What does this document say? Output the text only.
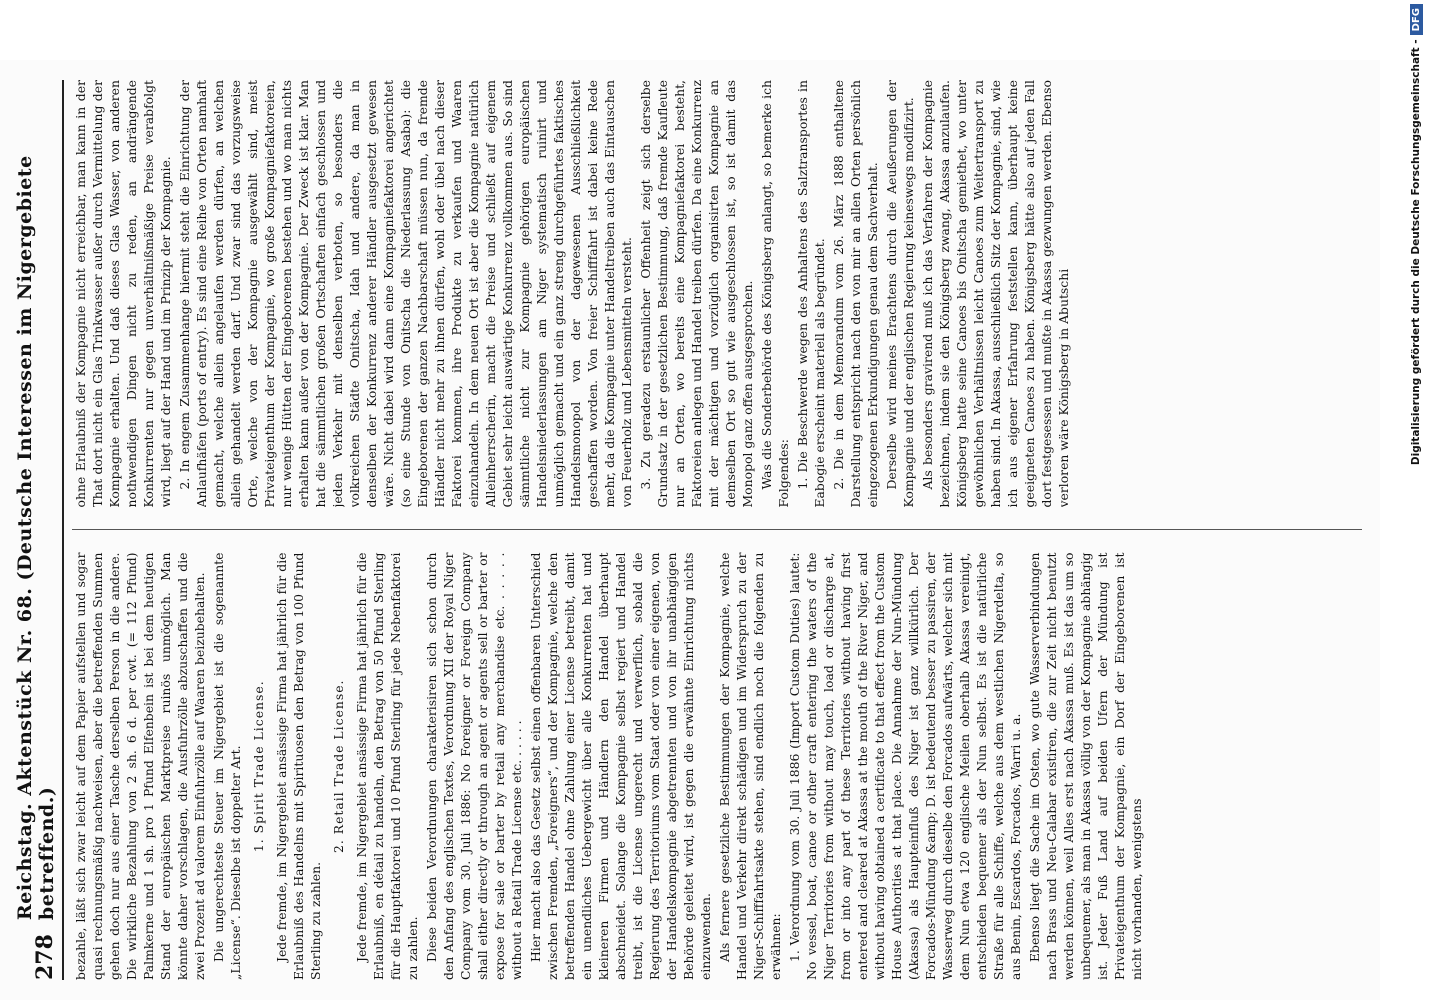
278
Reichstag. Aktenstück Nr. 68. (Deutsche Interessen im Nigergebiete betreffend.) bezahle, läßt sich zwar leicht auf dem Papier aufstellen und sogar quasi rechnungsmäßig nachweisen, aber die betreffenden Summen gehen doch nur aus einer Tasche derselben Person in die andere. Die wirkliche Bezahlung von 2 sh. 6 d. per cwt. (= 112 Pfund) Palmkerne und 1 sh. pro 1 Pfund Elfenbein ist bei dem heutigen Stand der europäischen Marktpreise ruinös unmöglich. Man könnte daher vorschlagen, die Ausfuhrzölle abzuschaffen und die zwei Prozent ad valorem Einfuhrzölle auf Waaren beizubehalten. Die ungerechteste Steuer im Nigergebiet ist die sogenannte „License“. Dieselbe ist doppelter Art. 1. Spirit Trade License. Jede fremde, im Nigergebiet ansässige Firma hat jährlich für die Erlaubniß des Handelns mit Spirituosen den Betrag von 100 Pfund Sterling zu zahlen.

2. Retail Trade License. Jede fremde, im Nigergebiet ansässige Firma hat jährlich für die Erlaubniß, en détail zu handeln, den Betrag von 50 Pfund Sterling für die Hauptfaktorei und 10 Pfund Sterling für jede Nebenfaktorei zu zahlen. Diese beiden Verordnungen charakterisiren sich schon durch den Anfang des englischen Textes, Verordnung XII der Royal Niger Company vom 30. Juli 1886: No Foreigner or Foreign Company shall either directly or through an agent or agents sell or barter or expose for sale or barter by retail any merchandise etc. . . . . . without a Retail Trade License etc. . . . . . Hier macht also das Gesetz selbst einen offenbaren Unterschied zwischen Fremden, „Foreigners“, und der Kompagnie, welche den betreffenden Handel ohne Zahlung einer License betreibt, damit ein unendliches Uebergewicht über alle Konkurrenten hat und kleineren Firmen und Händlern den Handel überhaupt abschneidet. Solange die Kompagnie selbst regiert und Handel treibt, ist die License ungerecht und verwerflich, sobald die Regierung des Territoriums vom Staat oder von einer eigenen, von der Handelskompagnie abgetrennten und von ihr unabhängigen Behörde geleitet wird, ist gegen die erwähnte Einrichtung nichts einzuwenden. Als fernere gesetzliche Bestimmungen der Kompagnie, welche Handel und Verkehr direkt schädigen und im Widerspruch zu der Niger-Schifffahrtsakte stehen, sind endlich noch die folgenden zu erwähnen: 1. Verordnung vom 30. Juli 1886 (Import Custom Duties) lautet: No vessel, boat, canoe or other craft entering the waters of the Niger Territories from without may touch, load or discharge at, from or into any part of these Territories without having first entered and cleared at Akassa at the mouth of the River Niger, and without having obtained a certificate to that effect from the Custom House Authorities at that place. Die Annahme der Nun-Mündung (Akassa) als Haupteinfluß des Niger ist ganz willkürlich. Der Forcados-Mündung &amp; D. ist bedeutend besser zu passiren, der Wasserweg durch dieselbe den Forcados aufwärts, welcher sich mit dem Nun etwa 120 englische Meilen oberhalb Akassa vereinigt, entschieden bequemer als der Nun selbst. Es ist die natürliche Straße für alle Schiffe, welche aus dem westlichen Nigerdelta, so aus Benin, Escardos, Forcados, Warri u. a. Ebenso liegt die Sache im Osten, wo gute Wasserverbindungen nach Brass und Neu-Calabar existiren, die zur Zeit nicht benutzt werden können, weil Alles erst nach Akassa muß. Es ist das um so unbequemer, als man in Akassa völlig von der Kompagnie abhängig ist. Jeder Fuß Land auf beiden Ufern der Mündung ist Privateigenthum der Kompagnie, ein Dorf der Eingeborenen ist nicht vorhanden, wenigstens

ohne Erlaubniß der Kompagnie nicht erreichbar, man kann in der That dort nicht ein Glas Trinkwasser außer durch Vermittelung der Kompagnie erhalten. Und daß dieses Glas Wasser, von anderen nothwendigen Dingen nicht zu reden, an andrängende Konkurrenten nur gegen unverhältnißmäßige Preise verabfolgt wird, liegt auf der Hand und im Prinzip der Kompagnie. 2. In engem Zusammenhange hiermit steht die Einrichtung der Anlaufhäfen (ports of entry). Es sind eine Reihe von Orten namhaft gemacht, welche allein angelaufen werden dürfen, an welchen allein gehandelt werden darf. Und zwar sind das vorzugsweise Orte, welche von der Kompagnie ausgewählt sind, meist Privateigenthum der Kompagnie, wo große Kompagniefaktoreien, nur wenige Hütten der Eingeborenen bestehen und wo man nichts erhalten kann außer von der Kompagnie. Der Zweck ist klar. Man hat die sämmtlichen großen Ortschaften einfach geschlossen und jeden Verkehr mit denselben verboten, so besonders die volkreichen Städte Onitscha, Idah und andere, da man in denselben der Konkurrenz anderer Händler ausgesetzt gewesen wäre. Nicht dabei wird dann eine Kompagniefaktorei angerichtet (so eine Stunde von Onitscha die Niederlassung Asaba): die Eingeborenen der ganzen Nachbarschaft müssen nun, da fremde Händler nicht mehr zu ihnen dürfen, wohl oder übel nach dieser Faktorei kommen, ihre Produkte zu verkaufen und Waaren einzuhandeln. In dem neuen Ort ist aber die Kompagnie natürlich Alleinherrscherin, macht die Preise und schließt auf eigenem Gebiet sehr leicht auswärtige Konkurrenz vollkommen aus. So sind sämmtliche nicht zur Kompagnie gehörigen europäischen Handelsniederlassungen am Niger systematisch ruinirt und unmöglich gemacht und ein ganz streng durchgeführtes faktisches Handelsmonopol von der dagewesenen Ausschließlichkeit geschaffen worden. Von freier Schifffahrt ist dabei keine Rede mehr, da die Kompagnie unter Handeltreiben auch das Eintauschen von Feuerholz und Lebensmitteln versteht. 3. Zu geradezu erstaunlicher Offenheit zeigt sich derselbe Grundsatz in der gesetzlichen Bestimmung, daß fremde Kaufleute nur an Orten, wo bereits eine Kompagniefaktorei besteht, Faktoreien anlegen und Handel treiben dürfen. Da eine Konkurrenz mit der mächtigen und vorzüglich organisirten Kompagnie an demselben Ort so gut wie ausgeschlossen ist, so ist damit das Monopol ganz offen ausgesprochen. Was die Sonderbehörde des Königsberg anlangt, so bemerke ich Folgendes: 1. Die Beschwerde wegen des Anhaltens des Salztransportes in Eabogie erscheint materiell als begründet. 2. Die in dem Memorandum vom 26. März 1888 enthaltene Darstellung entspricht nach den von mir an allen Orten persönlich eingezogenen Erkundigungen genau dem Sachverhalt. Derselbe wird meines Erachtens durch die Aeußerungen der Kompagnie und der englischen Regierung keineswegs modifizirt. Als besonders gravirend muß ich das Verfahren der Kompagnie bezeichnen, indem sie den Königsberg zwang, Akassa anzulaufen. Königsberg hatte seine Canoes bis Onitscha gemiethet, wo unter gewöhnlichen Verhältnissen leicht Canoes zum Weitertransport zu haben sind. In Akassa, ausschließlich Sitz der Kompagnie, sind, wie ich aus eigener Erfahrung feststellen kann, überhaupt keine geeigneten Canoes zu haben. Königsberg hätte also auf jeden Fall dort festgesessen und mußte in Akassa gezwungen werden. Ebenso verloren wäre Königsberg in Abutschi	Digitalisierung gefördert durch die Deutsche Forschungsgemeinschaft -
DFG
